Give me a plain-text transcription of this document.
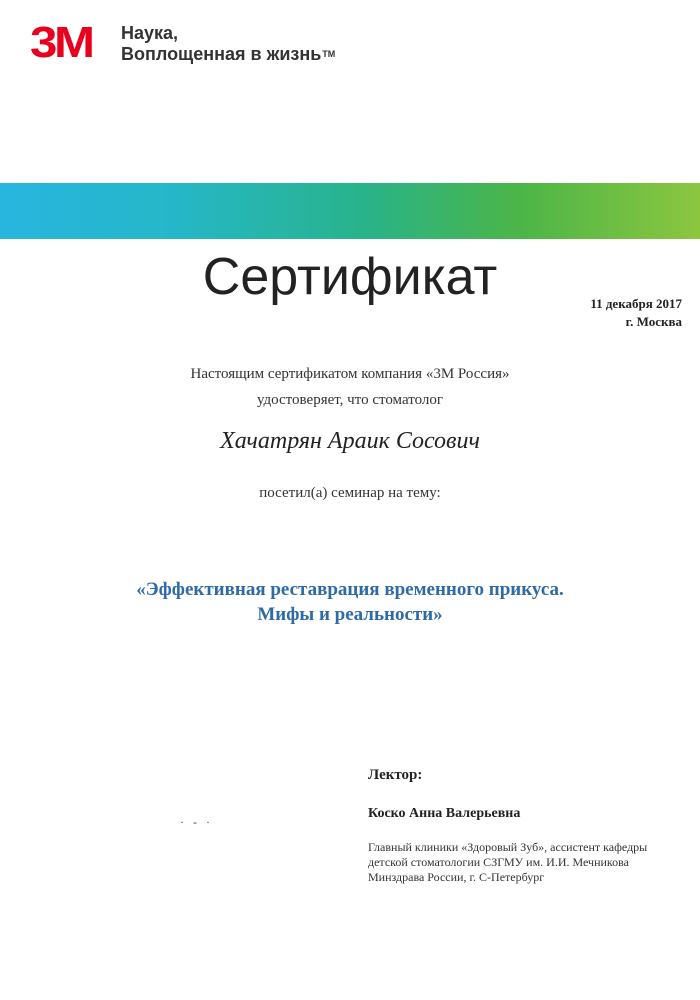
3M Наука,
Воплощенная в жизнь™
Сертификат	11 декабря 2017
г. Москва
Настоящим сертификатом компания «3М Россия»
удостоверяет, что стоматолог
Хачатрян Араик Сосович
посетил(а) семинар на тему:
«Эффективная реставрация временного прикуса.
Мифы и реальности»
· ‐ ·
Лектор:
Коско Анна Валерьевна
Главный клиники «Здоровый Зуб», ассистент кафедры
детской стоматологии СЗГМУ им. И.И. Мечникова
Минздрава России, г. С-Петербург
